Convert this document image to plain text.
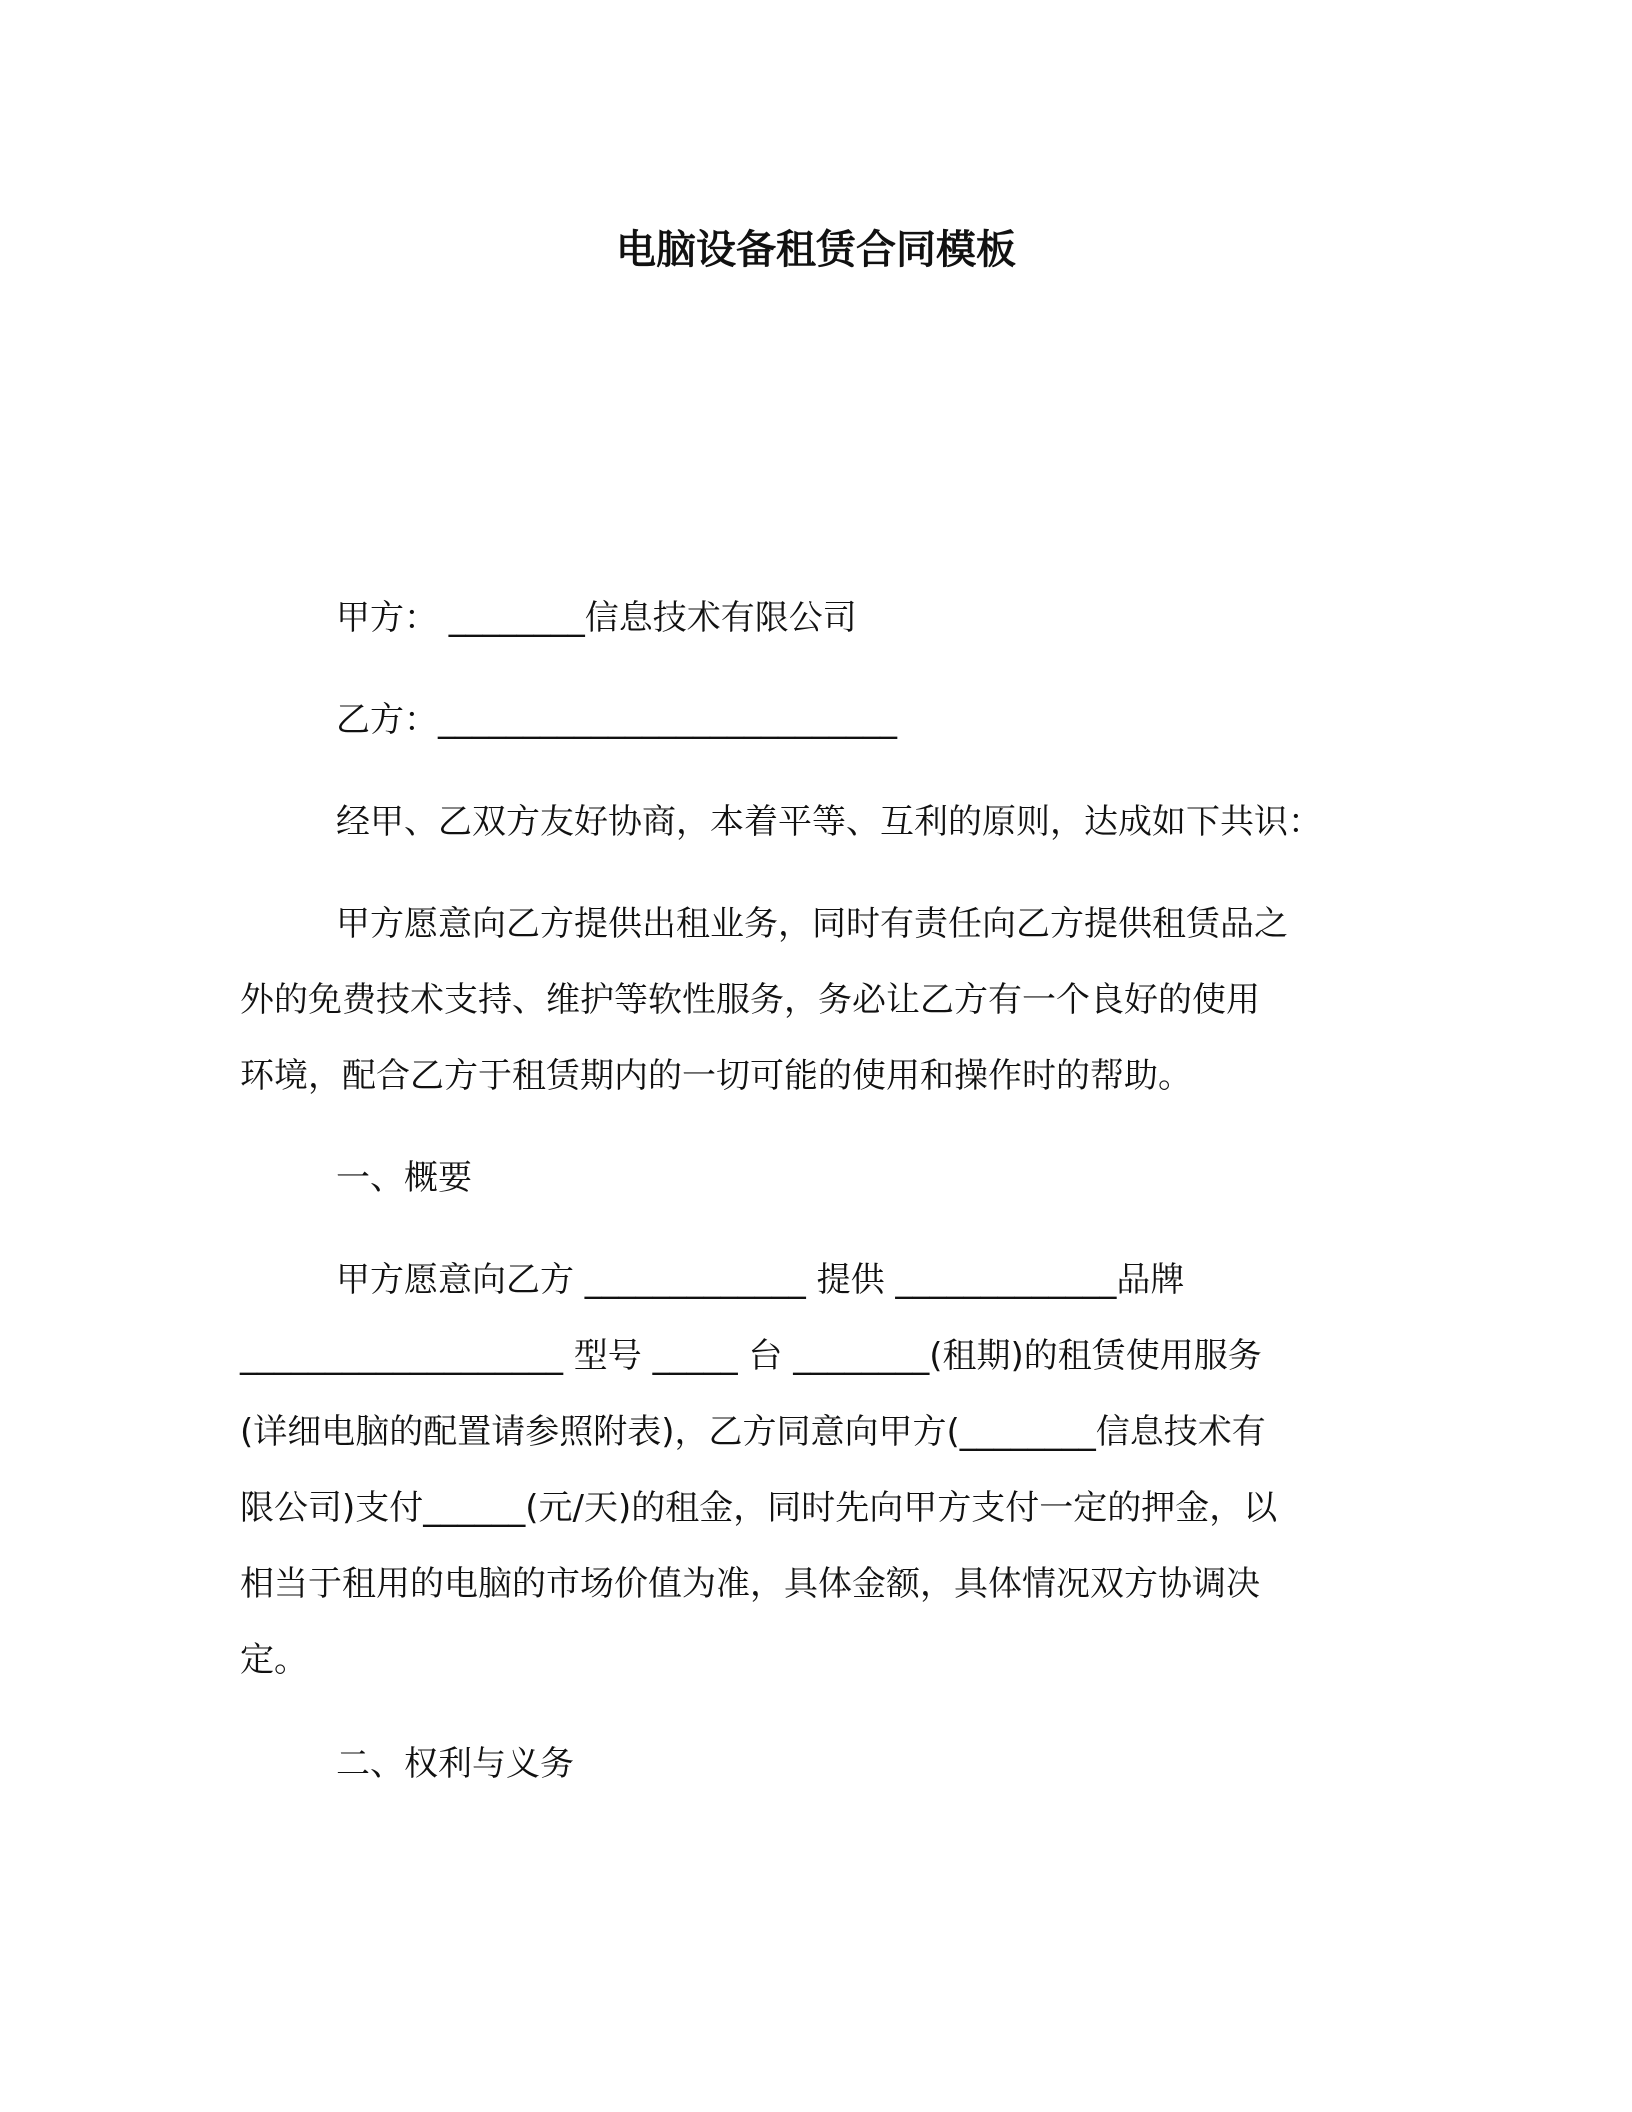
电脑设备租赁合同模板
甲方： ________信息技术有限公司
乙方：___________________________
经甲、乙双方友好协商，本着平等、互利的原则，达成如下共识：
甲方愿意向乙方提供出租业务，同时有责任向乙方提供租赁品之
外的免费技术支持、维护等软性服务，务必让乙方有一个良好的使用
环境，配合乙方于租赁期内的一切可能的使用和操作时的帮助。
一、概要
甲方愿意向乙方 _____________ 提供 _____________品牌
___________________ 型号 _____ 台 ________(租期)的租赁使用服务
(详细电脑的配置请参照附表)，乙方同意向甲方(________信息技术有
限公司)支付______(元/天)的租金，同时先向甲方支付一定的押金，以
相当于租用的电脑的市场价值为准，具体金额，具体情况双方协调决
定。
二、权利与义务
